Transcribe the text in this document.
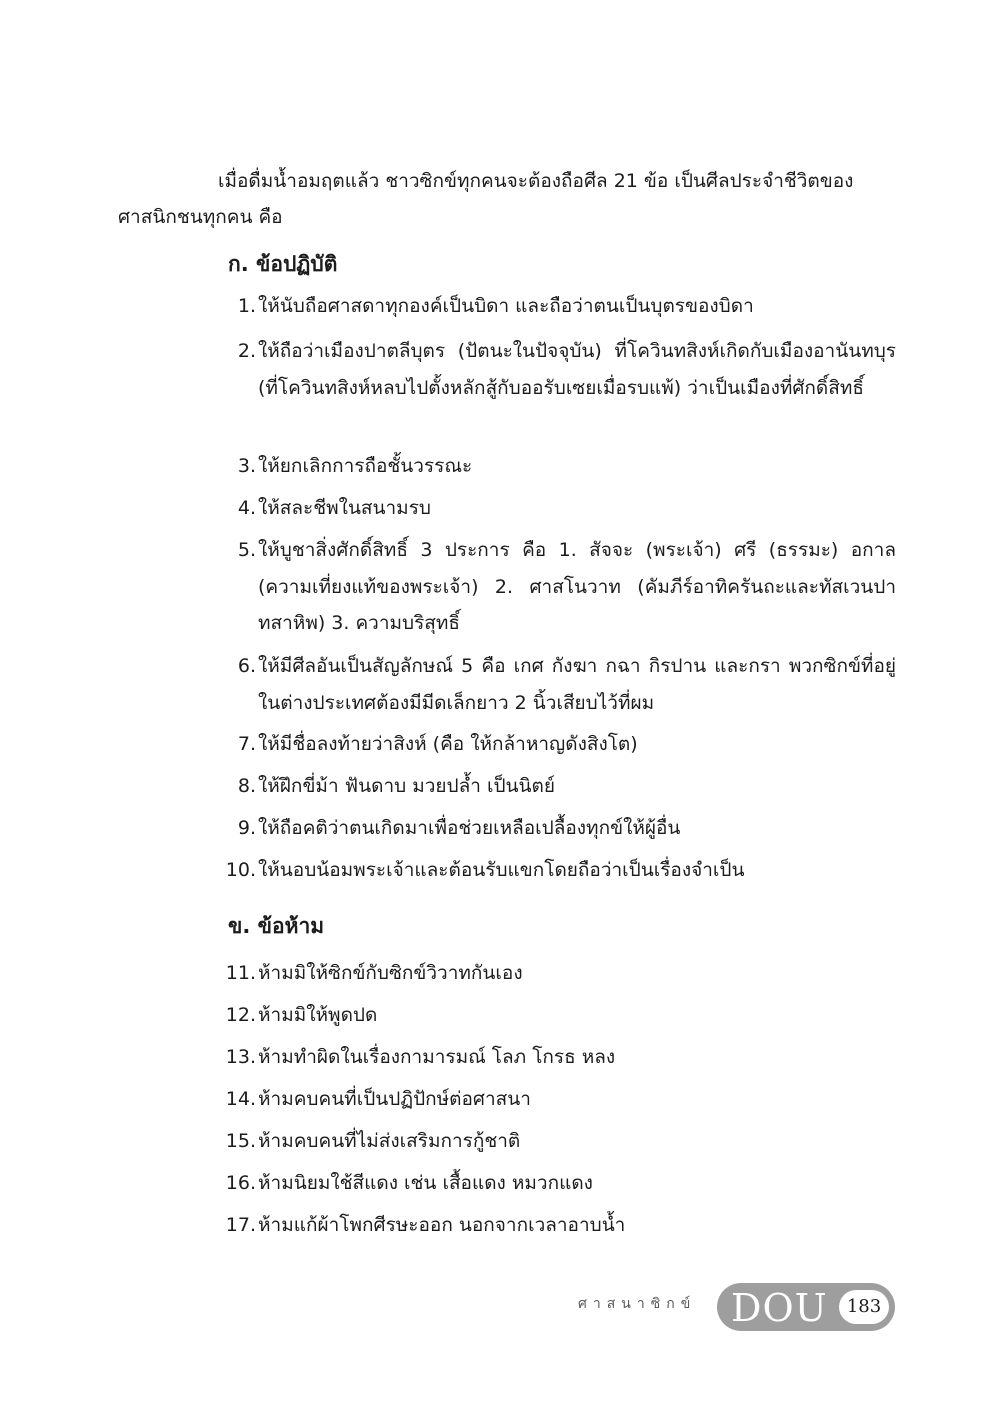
เมื่อดื่มน้ำอมฤตแล้ว ชาวซิกข์ทุกคนจะต้องถือศีล 21 ข้อ เป็นศีลประจำชีวิตของ

ศาสนิกชนทุกคน คือ

ก. ข้อปฏิบัติ
1. ให้นับถือศาสดาทุกองค์เป็นบิดา และถือว่าตนเป็นบุตรของบิดา
2. ให้ถือว่าเมืองปาตลีบุตร (ปัตนะในปัจจุบัน) ที่โควินทสิงห์เกิดกับเมืองอานันทบุร (ที่โควินทสิงห์หลบไปตั้งหลักสู้กับออรับเซยเมื่อรบแพ้) ว่าเป็นเมืองที่ศักดิ์สิทธิ์
3. ให้ยกเลิกการถือชั้นวรรณะ
4. ให้สละชีพในสนามรบ
5. ให้บูชาสิ่งศักดิ์สิทธิ์ 3 ประการ คือ 1. สัจจะ (พระเจ้า) ศรี (ธรรมะ) อกาล (ความเที่ยงแท้ของพระเจ้า) 2. ศาสโนวาท (คัมภีร์อาทิครันถะและทัสเวนปาทสาหิพ) 3. ความบริสุทธิ์
6. ให้มีศีลอันเป็นสัญลักษณ์ 5 คือ เกศ กังฆา กฉา กิรปาน และกรา พวกซิกข์ที่อยู่ในต่างประเทศต้องมีมีดเล็กยาว 2 นิ้วเสียบไว้ที่ผม
7. ให้มีชื่อลงท้ายว่าสิงห์ (คือ ให้กล้าหาญดังสิงโต)
8. ให้ฝึกขี่ม้า ฟันดาบ มวยปล้ำ เป็นนิตย์
9. ให้ถือคติว่าตนเกิดมาเพื่อช่วยเหลือเปลื้องทุกข์ให้ผู้อื่น
10. ให้นอบน้อมพระเจ้าและต้อนรับแขกโดยถือว่าเป็นเรื่องจำเป็น
ข. ข้อห้าม
11. ห้ามมิให้ซิกข์กับซิกข์วิวาทกันเอง
12. ห้ามมิให้พูดปด
13. ห้ามทำผิดในเรื่องกามารมณ์ โลภ โกรธ หลง
14. ห้ามคบคนที่เป็นปฏิปักษ์ต่อศาสนา
15. ห้ามคบคนที่ไม่ส่งเสริมการกู้ชาติ
16. ห้ามนิยมใช้สีแดง เช่น เสื้อแดง หมวกแดง
17. ห้ามแก้ผ้าโพกศีรษะออก นอกจากเวลาอาบน้ำ
ศาสนาซิกข์ DOU	183
